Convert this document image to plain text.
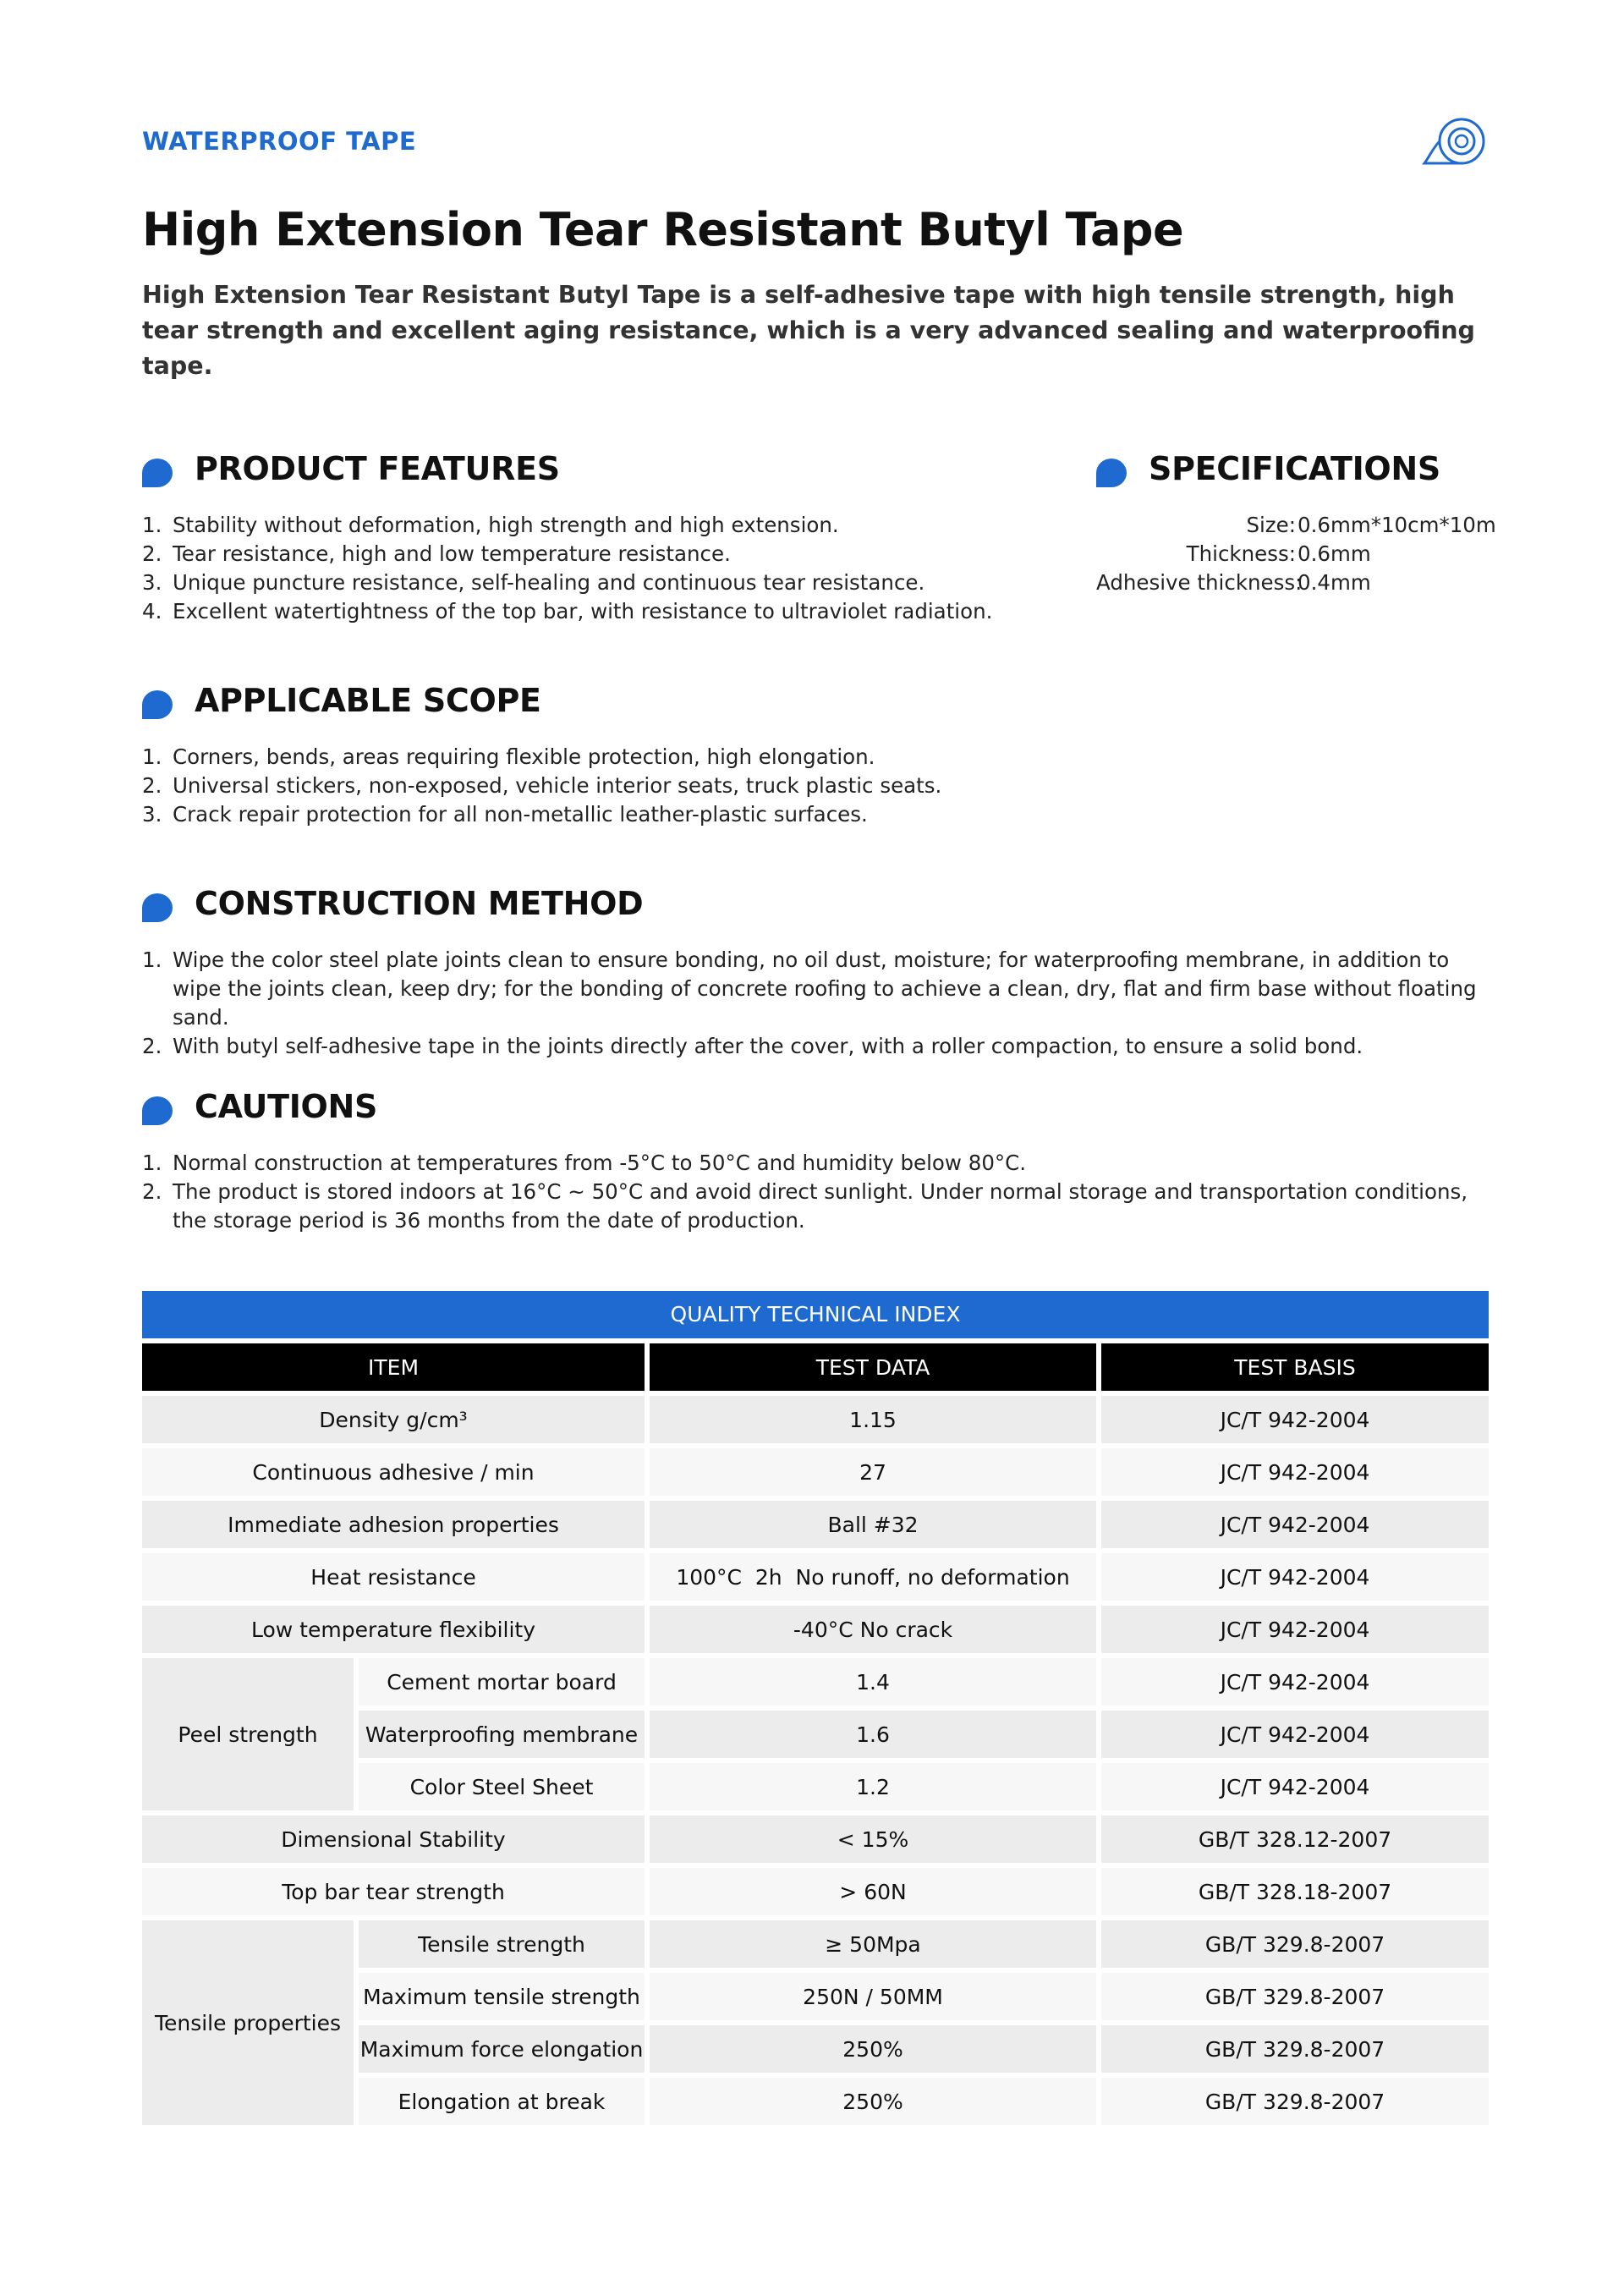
WATERPROOF TAPE
High Extension Tear Resistant Butyl Tape

High Extension Tear Resistant Butyl Tape is a self-adhesive tape with high tensile strength, high tear strength and excellent aging resistance, which is a very advanced sealing and waterproofing tape.

PRODUCT FEATURES
1. Stability without deformation, high strength and high extension.
2. Tear resistance, high and low temperature resistance.
3. Unique puncture resistance, self-healing and continuous tear resistance.
4. Excellent watertightness of the top bar, with resistance to ultraviolet radiation.
SPECIFICATIONS
Size: 0.6mm*10cm*10m
Thickness: 0.6mm
Adhesive thickness:
0.4mm
APPLICABLE SCOPE
1. Corners, bends, areas requiring flexible protection, high elongation.
2. Universal stickers, non-exposed, vehicle interior seats, truck plastic seats.
3. Crack repair protection for all non-metallic leather-plastic surfaces.
CONSTRUCTION METHOD
1. Wipe the color steel plate joints clean to ensure bonding, no oil dust, moisture; for waterproofing membrane, in addition to wipe the joints clean, keep dry; for the bonding of concrete roofing to achieve a clean, dry, flat and firm base without floating sand.
2. With butyl self-adhesive tape in the joints directly after the cover, with a roller compaction, to ensure a solid bond.
CAUTIONS
1. Normal construction at temperatures from -5°C to 50°C and humidity below 80°C.
2. The product is stored indoors at 16°C ~ 50°C and avoid direct sunlight. Under normal storage and transportation conditions, the storage period is 36 months from the date of production.
QUALITY TECHNICAL INDEX
ITEM		TEST DATA	TEST BASIS
Density g/cm³		1.15	JC/T 942-2004
Continuous adhesive / min		27	JC/T 942-2004
Immediate adhesion properties		Ball #32	JC/T 942-2004
Heat resistance		100°C  2h  No runoff, no deformation	JC/T 942-2004
Low temperature flexibility		-40°C No crack	JC/T 942-2004
Peel strength	Cement mortar board	1.4	JC/T 942-2004
	Waterproofing membrane	1.6	JC/T 942-2004
	Color Steel Sheet	1.2	JC/T 942-2004
Dimensional Stability		< 15%	GB/T 328.12-2007
Top bar tear strength		> 60N	GB/T 328.18-2007
Tensile properties	Tensile strength	≥ 50Mpa	GB/T 329.8-2007
	Maximum tensile strength	250N / 50MM	GB/T 329.8-2007
	Maximum force elongation	250%	GB/T 329.8-2007
	Elongation at break	250%	GB/T 329.8-2007
